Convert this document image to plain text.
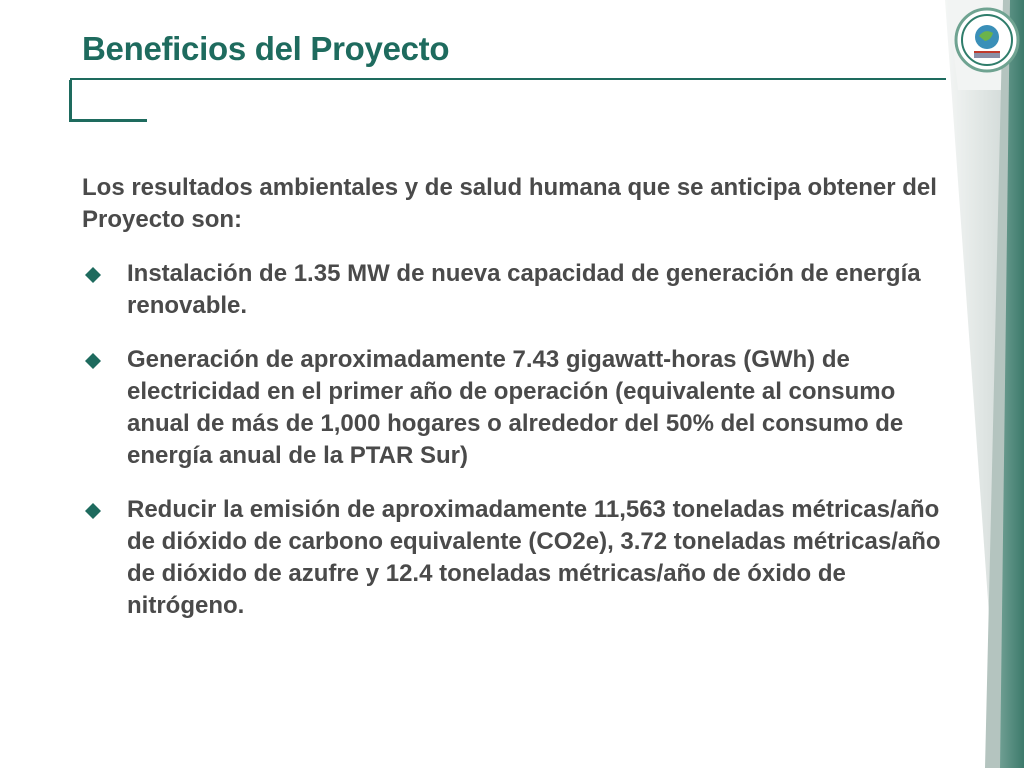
Beneficios del Proyecto

Los resultados ambientales y de salud humana que se anticipa obtener del Proyecto son:

Instalación de 1.35 MW de nueva capacidad de generación de energía renovable.
Generación de aproximadamente 7.43 gigawatt-horas (GWh) de electricidad en el primer año de operación (equivalente al consumo anual de más de 1,000 hogares o alrededor del 50% del consumo de energía anual de la PTAR Sur)
Reducir la emisión de aproximadamente 11,563 toneladas métricas/año de dióxido de carbono equivalente (CO2e), 3.72 toneladas métricas/año de dióxido de azufre y 12.4 toneladas métricas/año de óxido de nitrógeno.
